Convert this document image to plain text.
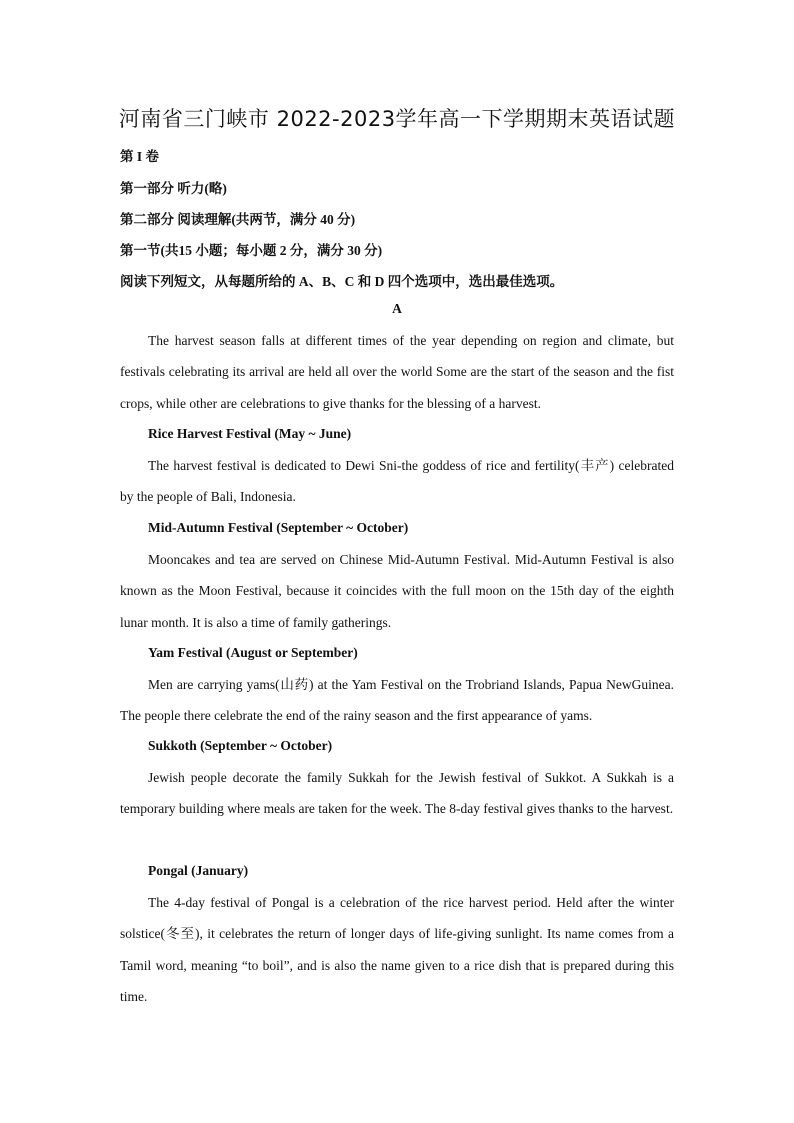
河南省三门峡市 2022-2023学年高一下学期期末英语试题
第 I 卷
第一部分 听力(略)
第二部分 阅读理解(共两节，满分 40 分)
第一节(共15 小题；每小题 2 分，满分 30 分)
阅读下列短文，从每题所给的 A、B、C 和 D 四个选项中，选出最佳选项。
A
The harvest season falls at different times of the year depending on region and climate, but festivals celebrating its arrival are held all over the world Some are the start of the season and the fist crops, while other are celebrations to give thanks for the blessing of a harvest.
Rice Harvest Festival (May ~ June)
The harvest festival is dedicated to Dewi Sni-the goddess of rice and fertility(丰产) celebrated by the people of Bali, Indonesia.
Mid-Autumn Festival (September ~ October)
Mooncakes and tea are served on Chinese Mid-Autumn Festival. Mid-Autumn Festival is also known as the Moon Festival, because it coincides with the full moon on the 15th day of the eighth lunar month. It is also a time of family gatherings.
Yam Festival (August or September)
Men are carrying yams(山药) at the Yam Festival on the Trobriand Islands, Papua NewGuinea. The people there celebrate the end of the rainy season and the first appearance of yams.
Sukkoth (September ~ October)
Jewish people decorate the family Sukkah for the Jewish festival of Sukkot. A Sukkah is a temporary building where meals are taken for the week. The 8-day festival gives thanks to the harvest.
Pongal (January)
The 4-day festival of Pongal is a celebration of the rice harvest period. Held after the winter solstice(冬至), it celebrates the return of longer days of life-giving sunlight. Its name comes from a Tamil word, meaning “to boil”, and is also the name given to a rice dish that is prepared during this time.
